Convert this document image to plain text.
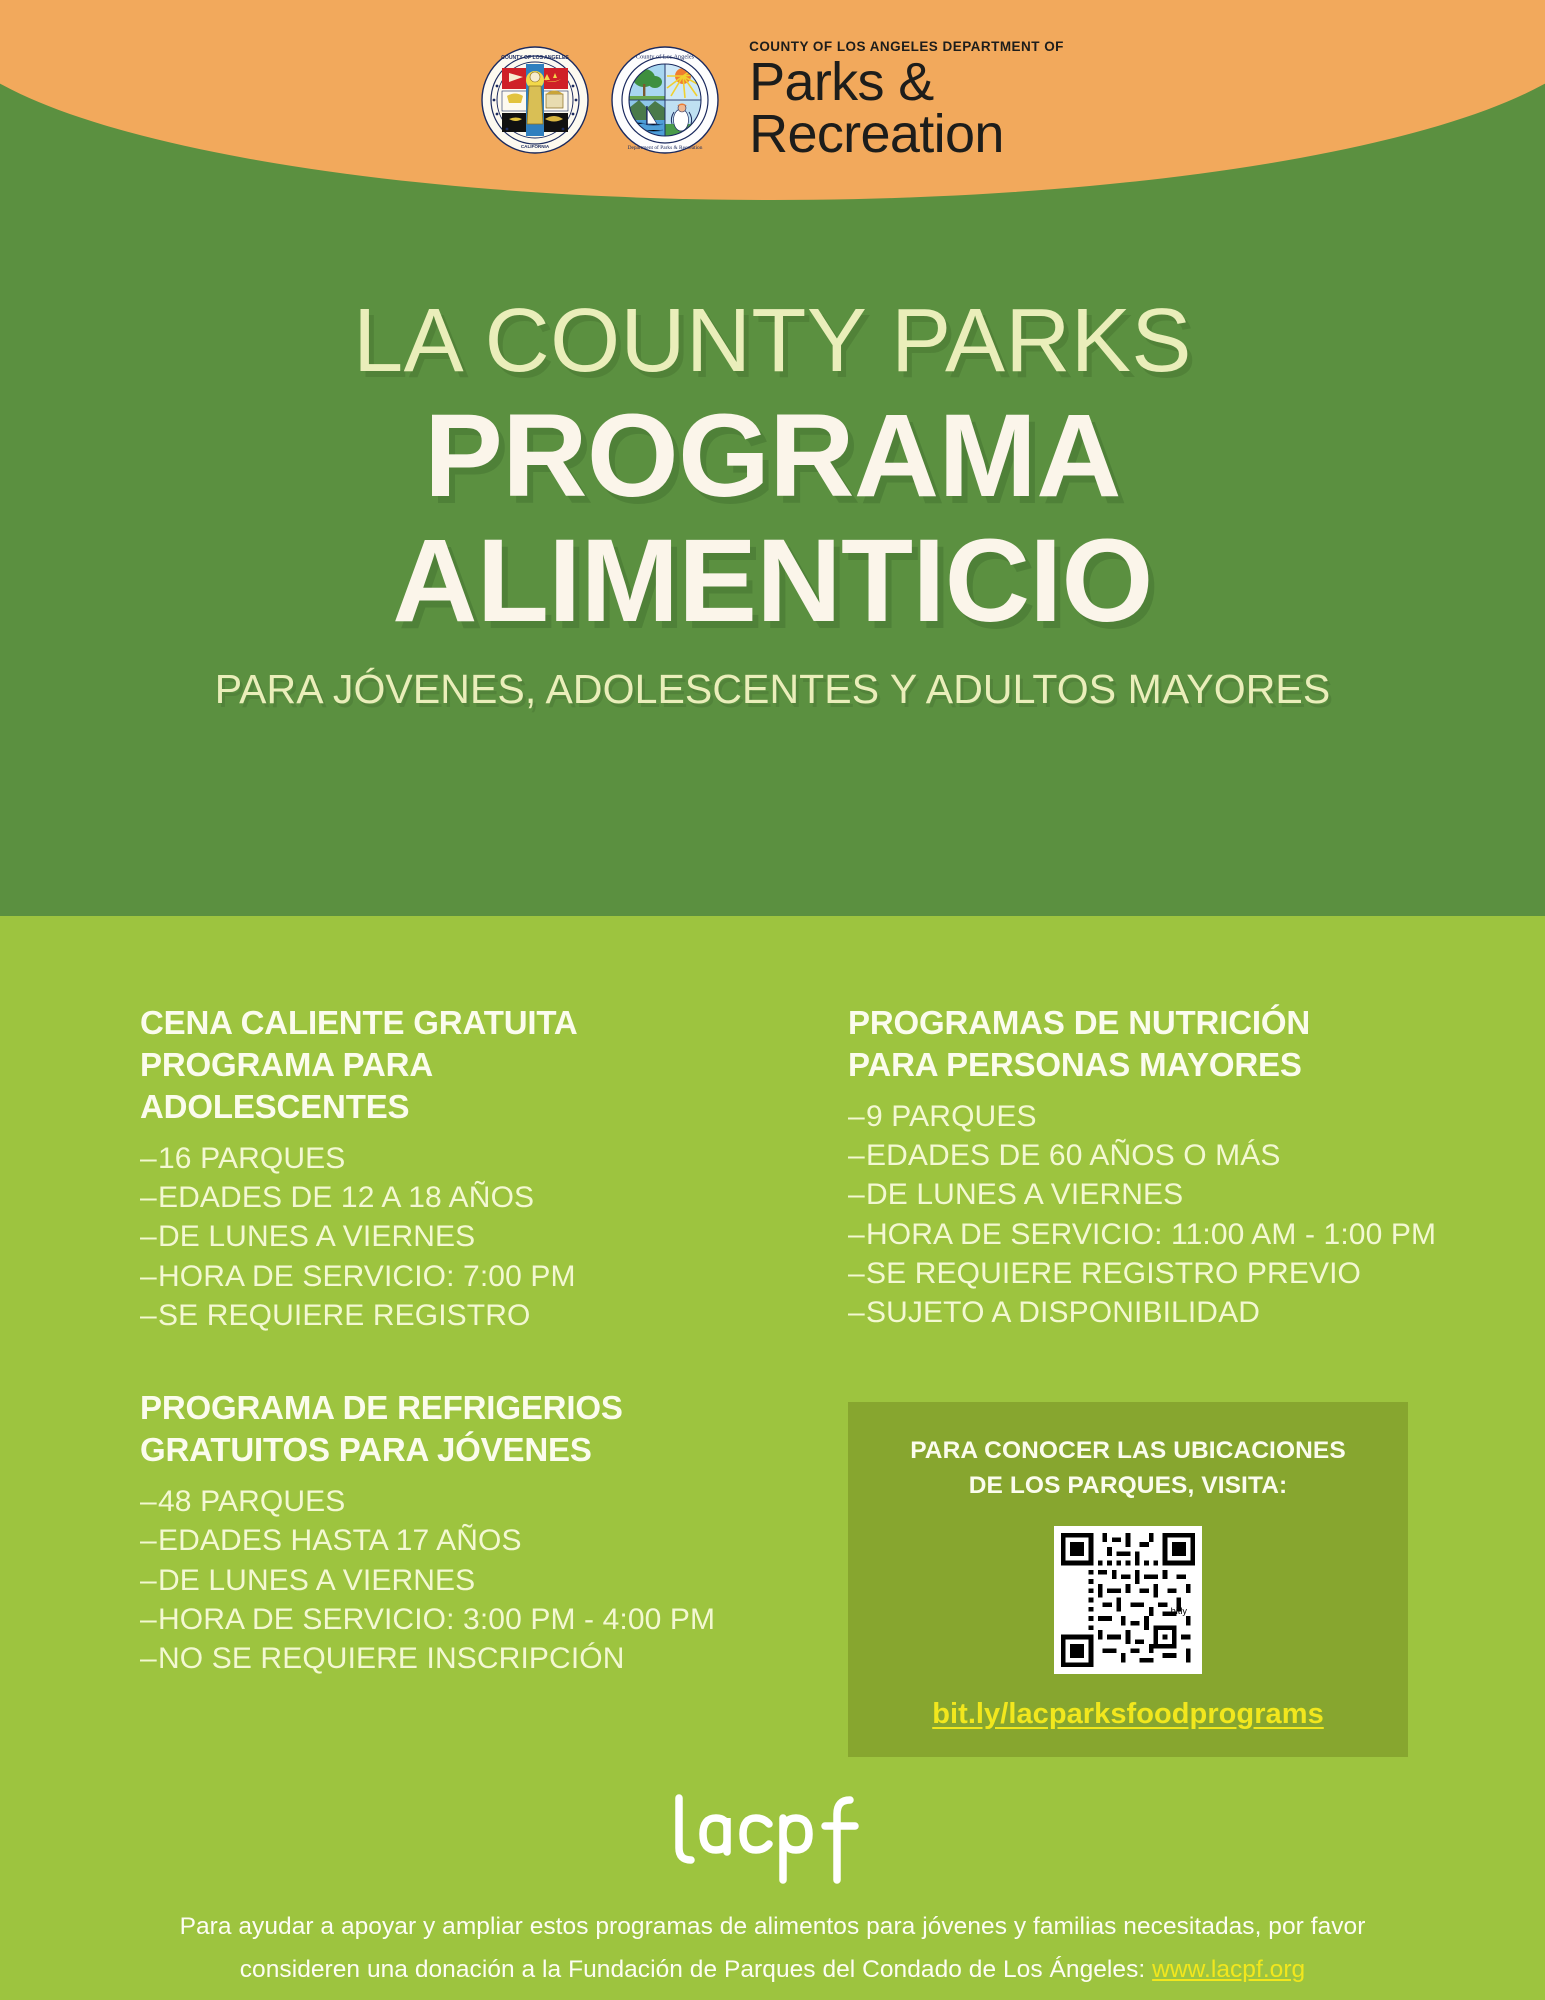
COUNTY OF LOS ANGELES
CALIFORNIA
County of Los Angeles
Department of Parks & Recreation
COUNTY OF LOS ANGELES DEPARTMENT OF
Parks &
Recreation
LA COUNTY PARKS
PROGRAMA
ALIMENTICIO
PARA JÓVENES, ADOLESCENTES Y ADULTOS MAYORES
CENA CALIENTE GRATUITA
PROGRAMA PARA ADOLESCENTES
– 16 PARQUES
– EDADES DE 12 A 18 AÑOS
– DE LUNES A VIERNES
– HORA DE SERVICIO: 7:00 PM
– SE REQUIERE REGISTRO
PROGRAMA DE REFRIGERIOS
GRATUITOS PARA JÓVENES
– 48 PARQUES
– EDADES HASTA 17 AÑOS
– DE LUNES A VIERNES
– HORA DE SERVICIO: 3:00 PM - 4:00 PM
– NO SE REQUIERE INSCRIPCIÓN
PROGRAMAS DE NUTRICIÓN
PARA PERSONAS MAYORES
– 9 PARQUES
– EDADES DE 60 AÑOS O MÁS
– DE LUNES A VIERNES
– HORA DE SERVICIO: 11:00 AM - 1:00 PM
– SE REQUIERE REGISTRO PREVIO
– SUJETO A DISPONIBILIDAD
PARA CONOCER LAS UBICACIONES
DE LOS PARQUES, VISITA:
bitly
bit.ly/lacparksfoodprograms
Para ayudar a apoyar y ampliar estos programas de alimentos para jóvenes y familias necesitadas, por favor
consideren una donación a la Fundación de Parques del Condado de Los Ángeles: www.lacpf.org
